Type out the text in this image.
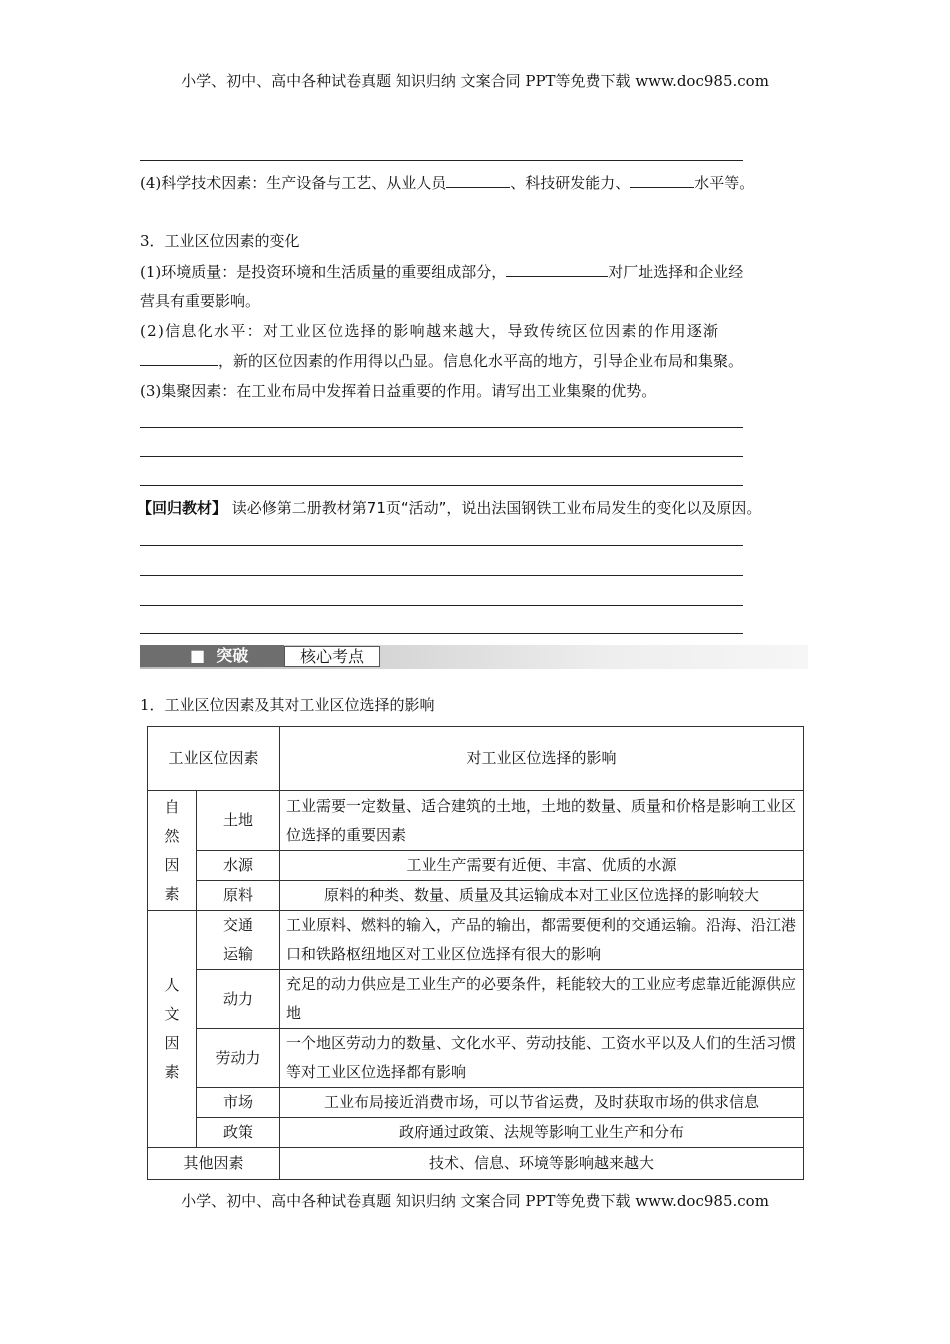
小学、初中、高中各种试卷真题 知识归纳 文案合同 PPT等免费下载 www.doc985.com
(4)科学技术因素：生产设备与工艺、从业人员	、科技研发能力、	水平等。
3．工业区位因素的变化
(1)环境质量：是投资环境和生活质量的重要组成部分，	对厂址选择和企业经
营具有重要影响。
(2)信息化水平：对工业区位选择的影响越来越大，导致传统区位因素的作用逐渐
，新的区位因素的作用得以凸显。信息化水平高的地方，引导企业布局和集聚。
(3)集聚因素：在工业布局中发挥着日益重要的作用。请写出工业集聚的优势。
【回归教材】 读必修第二册教材第71页“活动”，说出法国钢铁工业布局发生的变化以及原因。
■  突破	核心考点
1．工业区位因素及其对工业区位选择的影响
工业区位因素		对工业区位选择的影响
自然因素	土地	工业需要一定数量、适合建筑的土地，土地的数量、质量和价格是影响工业区位选择的重要因素
	水源	工业生产需要有近便、丰富、优质的水源
	原料	原料的种类、数量、质量及其运输成本对工业区位选择的影响较大
人文因素	交通运输	工业原料、燃料的输入，产品的输出，都需要便利的交通运输。沿海、沿江港口和铁路枢纽地区对工业区位选择有很大的影响
	动力	充足的动力供应是工业生产的必要条件，耗能较大的工业应考虑靠近能源供应地
	劳动力	一个地区劳动力的数量、文化水平、劳动技能、工资水平以及人们的生活习惯等对工业区位选择都有影响
	市场	工业布局接近消费市场，可以节省运费，及时获取市场的供求信息
	政策	政府通过政策、法规等影响工业生产和分布
其他因素		技术、信息、环境等影响越来越大
小学、初中、高中各种试卷真题 知识归纳 文案合同 PPT等免费下载 www.doc985.com
